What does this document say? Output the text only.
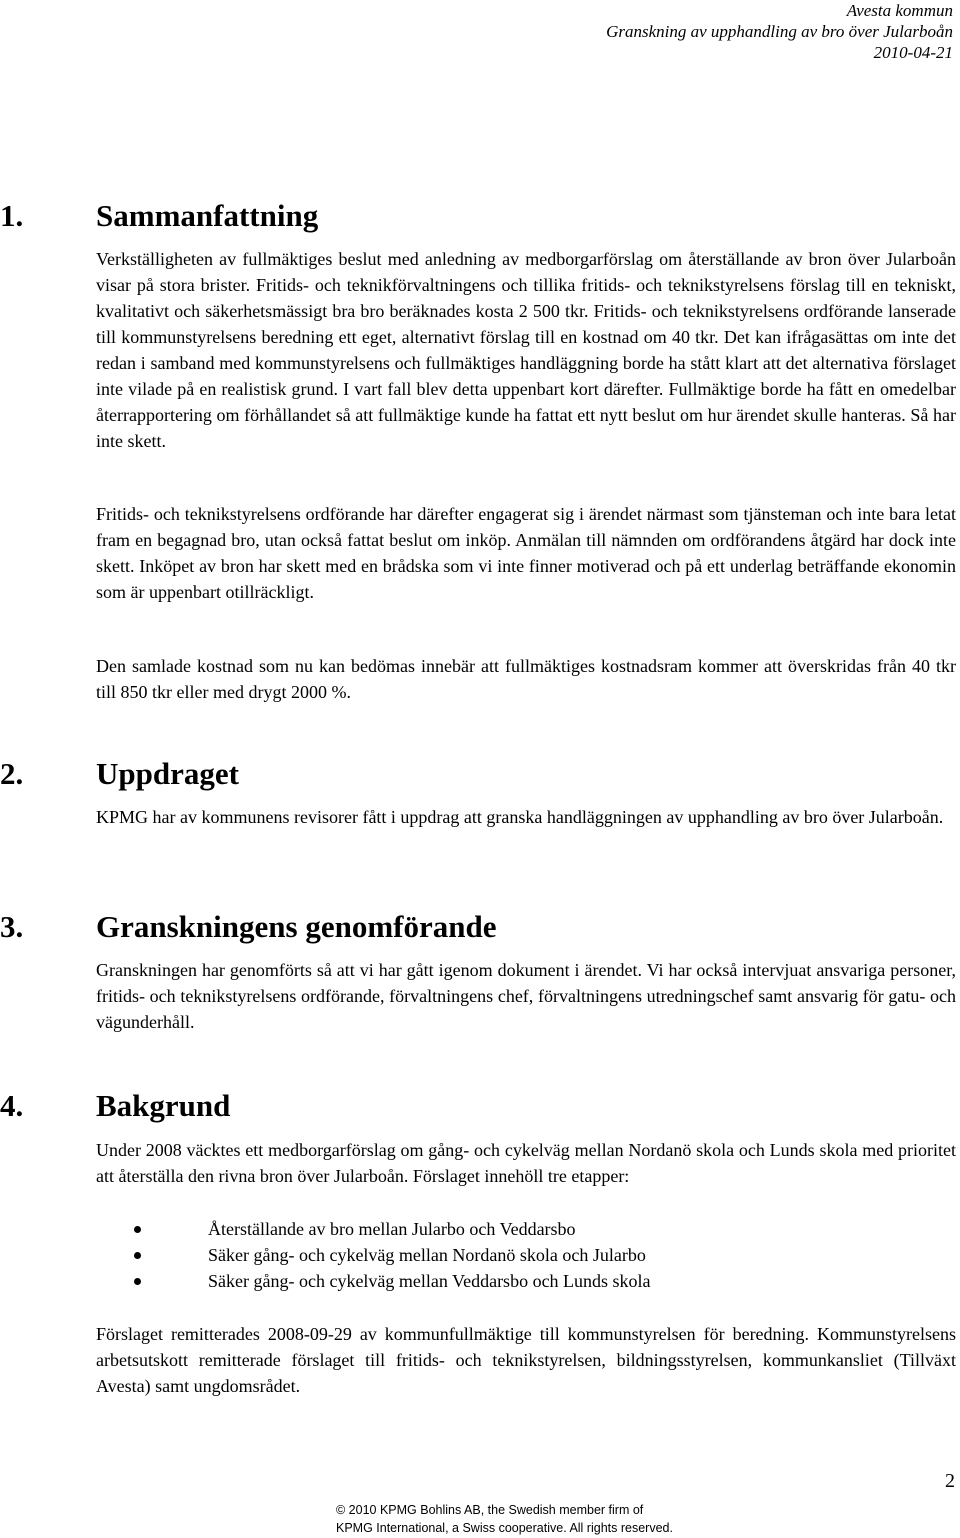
Avesta kommun
Granskning av upphandling av bro över Jularboån
2010-04-21
1. Sammanfattning

Verkställigheten av fullmäktiges beslut med anledning av medborgarförslag om återställande av bron över Jularboån visar på stora brister. Fritids- och teknikförvaltningens och tillika fritids- och teknikstyrelsens förslag till en tekniskt, kvalitativt och säkerhetsmässigt bra bro beräknades kosta 2 500 tkr. Fritids- och teknikstyrelsens ordförande lanserade till kommunstyrelsens beredning ett eget, alternativt förslag till en kostnad om 40 tkr. Det kan ifrågasättas om inte det redan i samband med kommunstyrelsens och fullmäktiges handläggning borde ha stått klart att det alternativa förslaget inte vilade på en realistisk grund. I vart fall blev detta uppenbart kort därefter. Fullmäktige borde ha fått en omedelbar återrapportering om förhållandet så att fullmäktige kunde ha fattat ett nytt beslut om hur ärendet skulle hanteras. Så har inte skett.

Fritids- och teknikstyrelsens ordförande har därefter engagerat sig i ärendet närmast som tjänsteman och inte bara letat fram en begagnad bro, utan också fattat beslut om inköp. Anmälan till nämnden om ordförandens åtgärd har dock inte skett. Inköpet av bron har skett med en brådska som vi inte finner motiverad och på ett underlag beträffande ekonomin som är uppenbart otillräckligt.

Den samlade kostnad som nu kan bedömas innebär att fullmäktiges kostnadsram kommer att överskridas från 40 tkr till 850 tkr eller med drygt 2000 %.

2. Uppdraget

KPMG har av kommunens revisorer fått i uppdrag att granska handläggningen av upphandling av bro över Jularboån.

3. Granskningens genomförande

Granskningen har genomförts så att vi har gått igenom dokument i ärendet. Vi har också intervjuat ansvariga personer, fritids- och teknikstyrelsens ordförande, förvaltningens chef, förvaltningens utredningschef samt ansvarig för gatu- och vägunderhåll.

4. Bakgrund

Under 2008 väcktes ett medborgarförslag om gång- och cykelväg mellan Nordanö skola och Lunds skola med prioritet att återställa den rivna bron över Jularboån. Förslaget innehöll tre etapper:

Återställande av bro mellan Jularbo och Veddarsbo
Säker gång- och cykelväg mellan Nordanö skola och Jularbo
Säker gång- och cykelväg mellan Veddarsbo och Lunds skola

Förslaget remitterades 2008-09-29 av kommunfullmäktige till kommunstyrelsen för beredning. Kommunstyrelsens arbetsutskott remitterade förslaget till fritids- och teknikstyrelsen, bildningsstyrelsen, kommunkansliet (Tillväxt Avesta) samt ungdomsrådet.

2
© 2010 KPMG Bohlins AB, the Swedish member firm of
KPMG International, a Swiss cooperative. All rights reserved.
